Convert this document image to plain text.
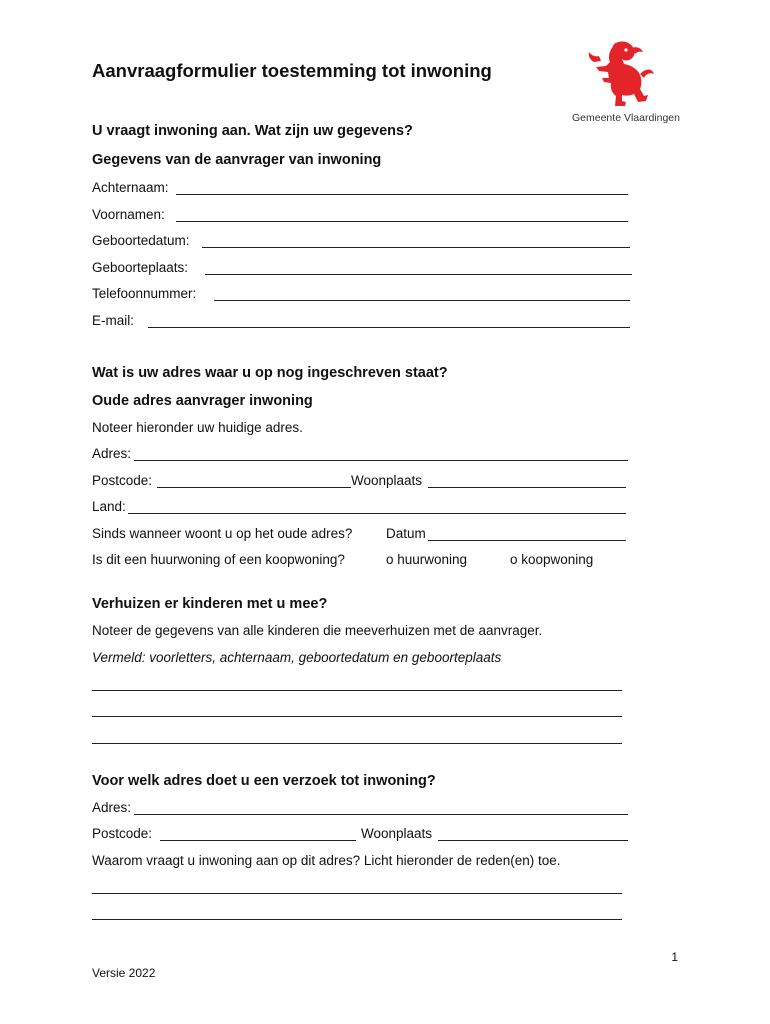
Aanvraagformulier toestemming tot inwoning
Gemeente Vlaardingen
U vraagt inwoning aan. Wat zijn uw gegevens?
Gegevens van de aanvrager van inwoning
Achternaam:
Voornamen:
Geboortedatum:
Geboorteplaats:
Telefoonnummer:
E-mail:
Wat is uw adres waar u op nog ingeschreven staat?
Oude adres aanvrager inwoning
Noteer hieronder uw huidige adres.
Adres:
Postcode:	Woonplaats
Land:
Sinds wanneer woont u op het oude adres? Datum
Is dit een huurwoning of een koopwoning?	o huurwoning	o koopwoning
Verhuizen er kinderen met u mee?
Noteer de gegevens van alle kinderen die meeverhuizen met de aanvrager.
Vermeld: voorletters, achternaam, geboortedatum en geboorteplaats
Voor welk adres doet u een verzoek tot inwoning?
Adres:
Postcode:	Woonplaats
Waarom vraagt u inwoning aan op dit adres? Licht hieronder de reden(en) toe.
1
Versie 2022
